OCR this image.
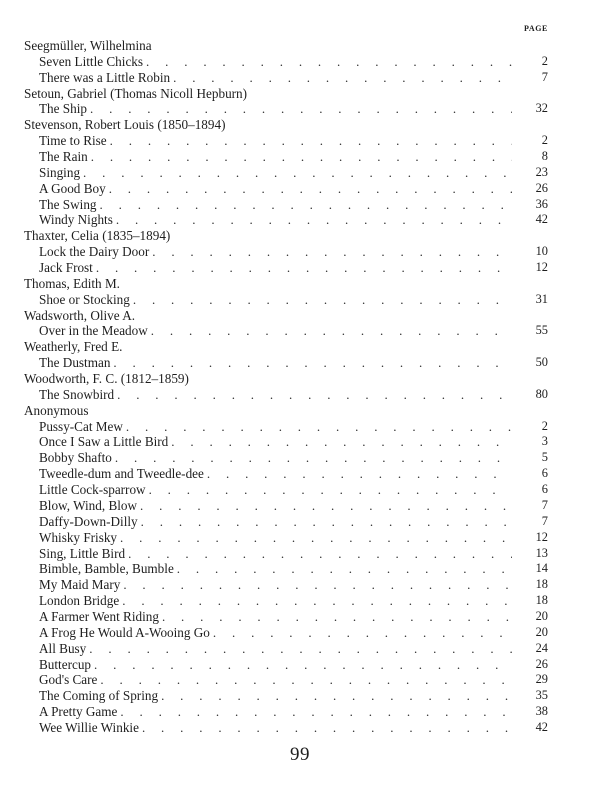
PAGE
Seegmüller, Wilhelmina
Seven Little Chicks . . .	2
There was a Little Robin . . .	7
Setoun, Gabriel (Thomas Nicoll Hepburn)
The Ship . . .	32
Stevenson, Robert Louis (1850–1894)
Time to Rise . . .	2
The Rain . . .	8
Singing . . .	23
A Good Boy . . .	26
The Swing . . .	36
Windy Nights . . .	42
Thaxter, Celia (1835–1894)
Lock the Dairy Door . . .	10
Jack Frost . . .	12
Thomas, Edith M.
Shoe or Stocking . . .	31
Wadsworth, Olive A.
Over in the Meadow . . .	55
Weatherly, Fred E.
The Dustman . . .	50
Woodworth, F. C. (1812–1859)
The Snowbird . . .	80
Anonymous
Pussy-Cat Mew . . .	2
Once I Saw a Little Bird . . .	3
Bobby Shafto . . .	5
Tweedle-dum and Tweedle-dee . . .	6
Little Cock-sparrow . . .	6
Blow, Wind, Blow . . .	7
Daffy-Down-Dilly . . .	7
Whisky Frisky . . .	12
Sing, Little Bird . . .	13
Bimble, Bamble, Bumble . . .	14
My Maid Mary . . .	18
London Bridge . . .	18
A Farmer Went Riding . . .	20
A Frog He Would A-Wooing Go . . .	20
All Busy . . .	24
Buttercup . . .	26
God's Care . . .	29
The Coming of Spring . . .	35
A Pretty Game . . .	38
Wee Willie Winkie . . .	42
99
